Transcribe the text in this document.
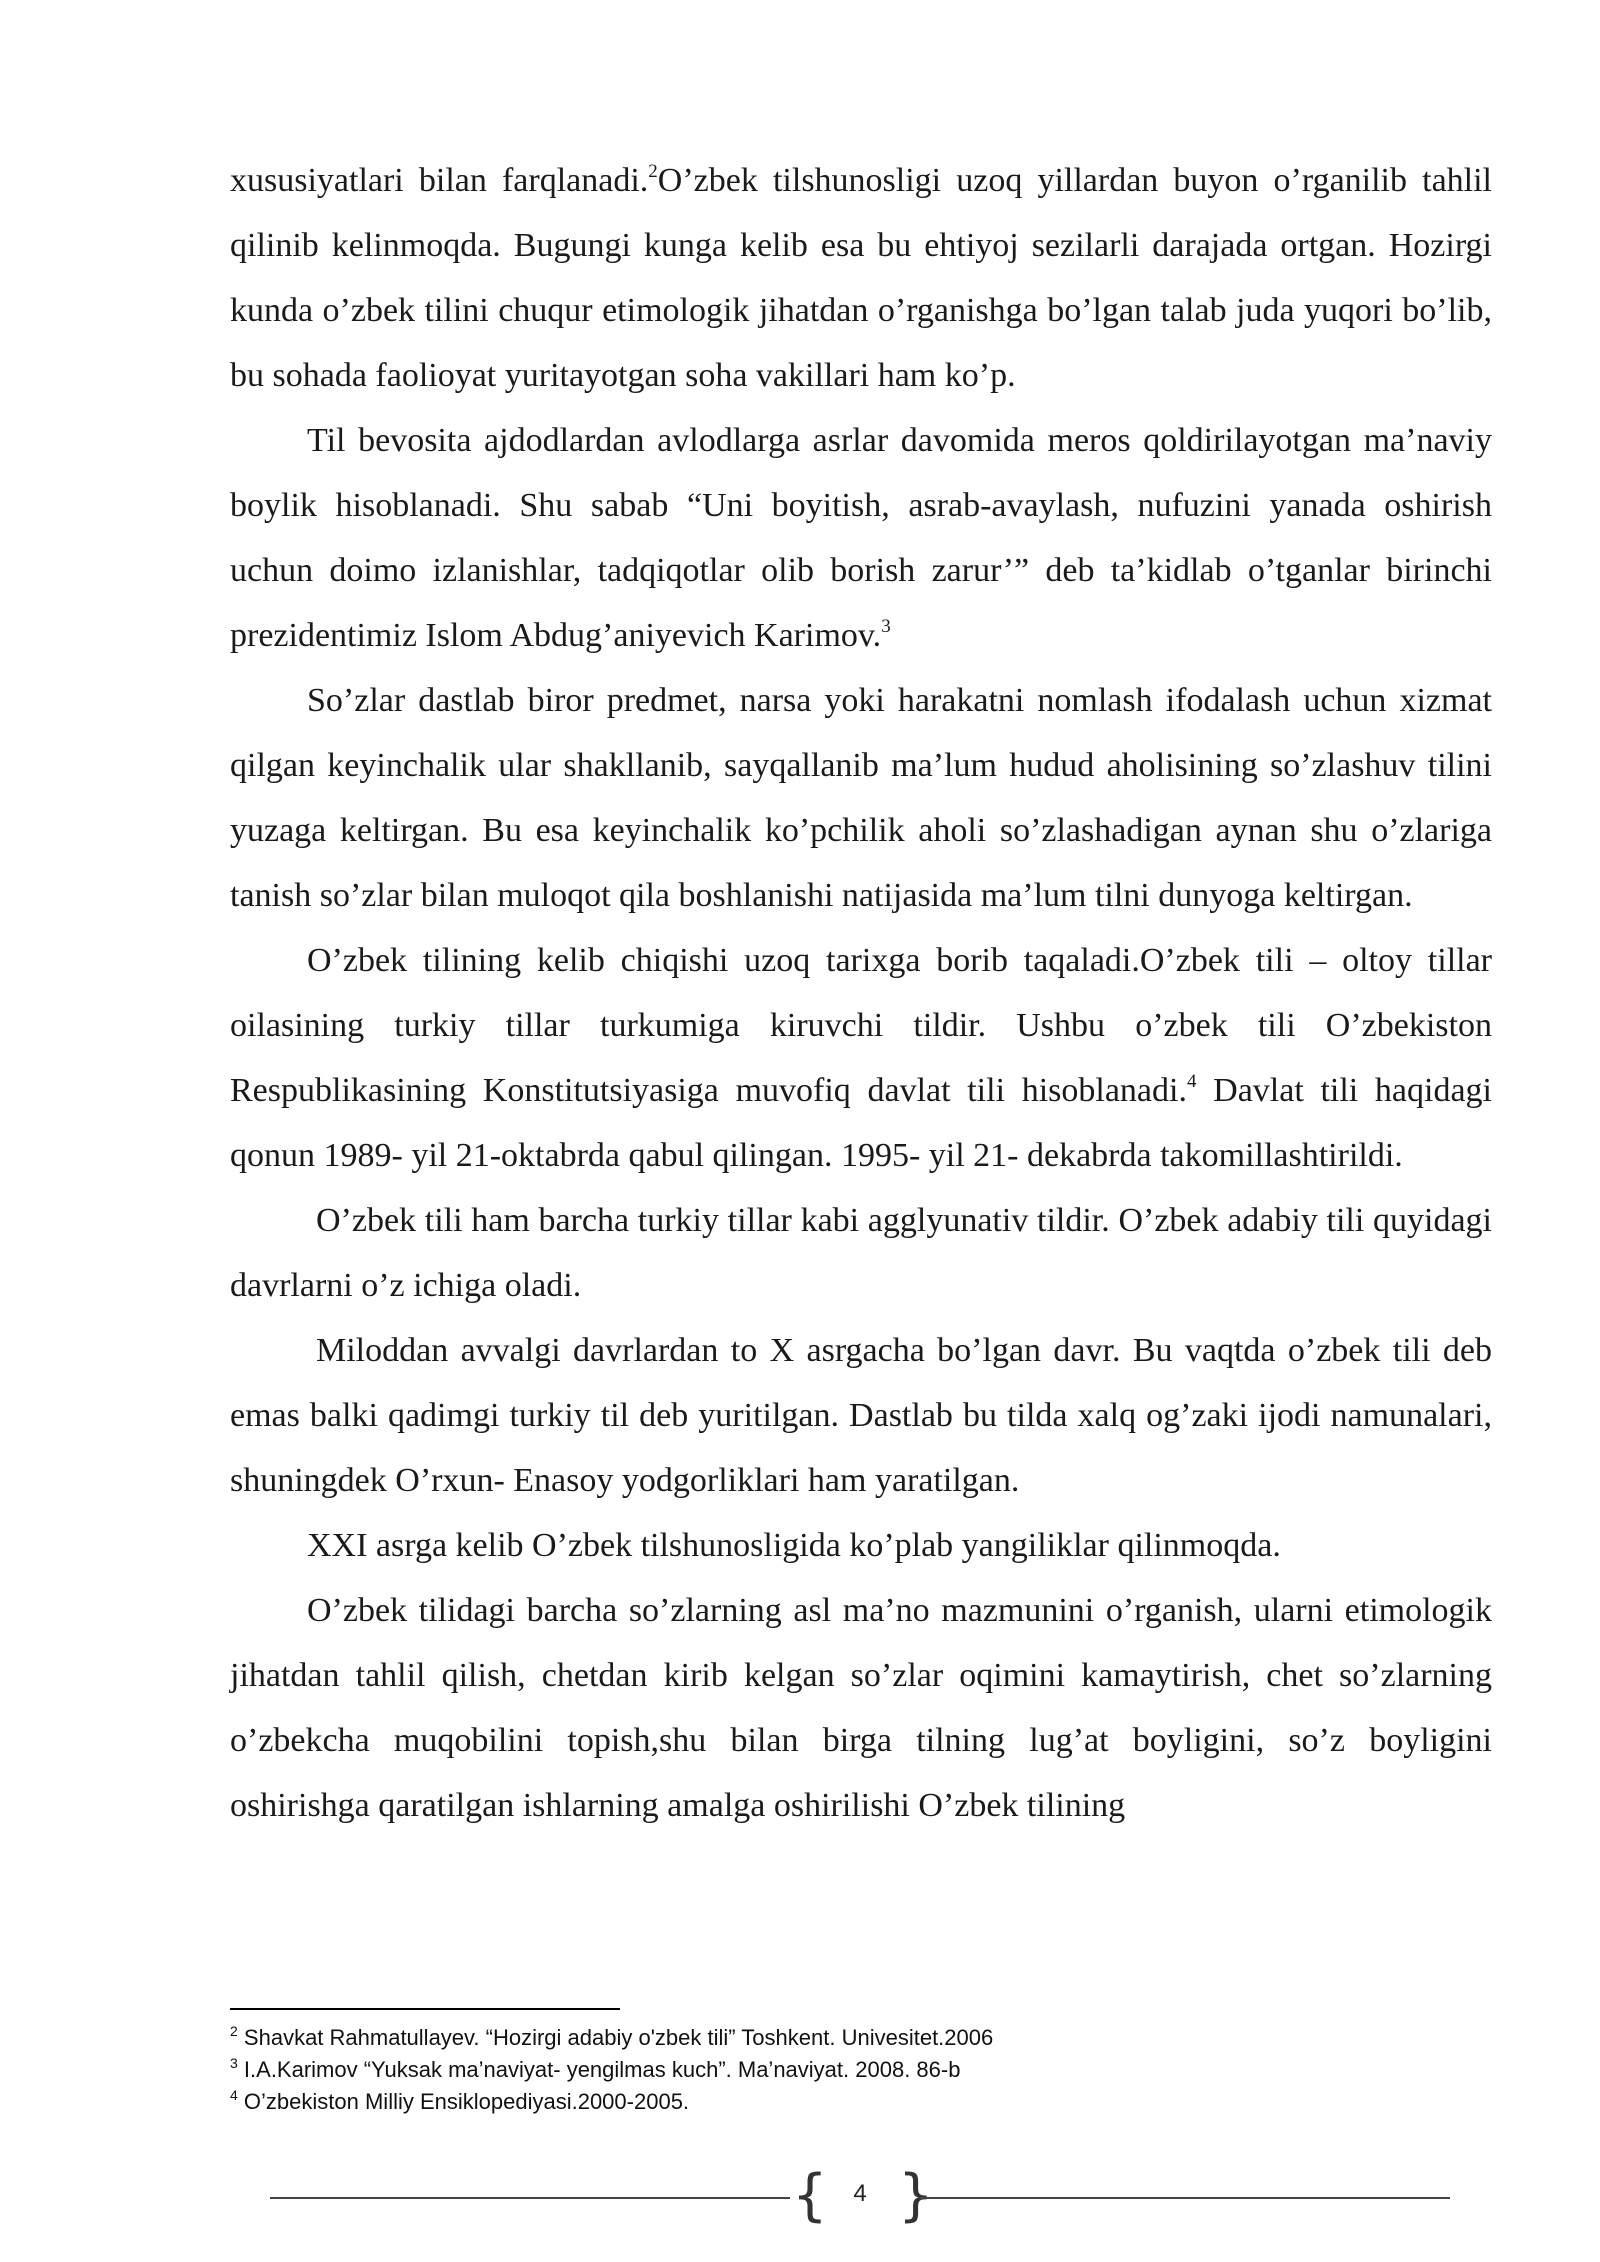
xususiyatlari bilan farqlanadi.$^2$O’zbek tilshunosligi uzoq yillardan buyon o’rganilib tahlil qilinib kelinmoqda. Bugungi kunga kelib esa bu ehtiyoj sezilarli darajada ortgan. Hozirgi kunda o’zbek tilini chuqur etimologik jihatdan o’rganishga bo’lgan talab juda yuqori bo’lib, bu sohada faolioyat yuritayotgan soha vakillari ham ko’p.

Til bevosita ajdodlardan avlodlarga asrlar davomida meros qoldirilayotgan ma’naviy boylik hisoblanadi. Shu sabab “Uni boyitish, asrab-avaylash, nufuzini yanada oshirish uchun doimo izlanishlar, tadqiqotlar olib borish zarur’” deb ta’kidlab o’tganlar birinchi prezidentimiz Islom Abdug’aniyevich Karimov.$^3$

So’zlar dastlab biror predmet, narsa yoki harakatni nomlash ifodalash uchun xizmat qilgan keyinchalik ular shakllanib, sayqallanib ma’lum hudud aholisining so’zlashuv tilini yuzaga keltirgan. Bu esa keyinchalik ko’pchilik aholi so’zlashadigan aynan shu o’zlariga tanish so’zlar bilan muloqot qila boshlanishi natijasida ma’lum tilni dunyoga keltirgan.

O’zbek tilining kelib chiqishi uzoq tarixga borib taqaladi.O’zbek tili – oltoy tillar oilasining turkiy tillar turkumiga kiruvchi tildir. Ushbu o’zbek tili O’zbekiston Respublikasining Konstitutsiyasiga muvofiq davlat tili hisoblanadi.$^4$ Davlat tili haqidagi qonun 1989- yil 21-oktabrda qabul qilingan. 1995- yil 21- dekabrda takomillashtirildi.

O’zbek tili ham barcha turkiy tillar kabi agglyunativ tildir. O’zbek adabiy tili quyidagi davrlarni o’z ichiga oladi.

Miloddan avvalgi davrlardan to X asrgacha bo’lgan davr. Bu vaqtda o’zbek tili deb emas balki qadimgi turkiy til deb yuritilgan. Dastlab bu tilda xalq og’zaki ijodi namunalari, shuningdek O’rxun- Enasoy yodgorliklari ham yaratilgan.

XXI asrga kelib O’zbek tilshunosligida ko’plab yangiliklar qilinmoqda.

O’zbek tilidagi barcha so’zlarning asl ma’no mazmunini o’rganish, ularni etimologik jihatdan tahlil qilish, chetdan kirib kelgan so’zlar oqimini kamaytirish, chet so’zlarning o’zbekcha muqobilini topish,shu bilan birga tilning lug’at boyligini, so’z boyligini oshirishga qaratilgan ishlarning amalga oshirilishi O’zbek tilining

$^2$ Shavkat Rahmatullayev. “Hozirgi adabiy o'zbek tili” Toshkent. Univesitet.2006

$^3$ I.A.Karimov “Yuksak ma’naviyat- yengilmas kuch”. Ma’naviyat. 2008. 86-b

$^4$ O’zbekiston Milliy Ensiklopediyasi.2000-2005.

{	4 }
